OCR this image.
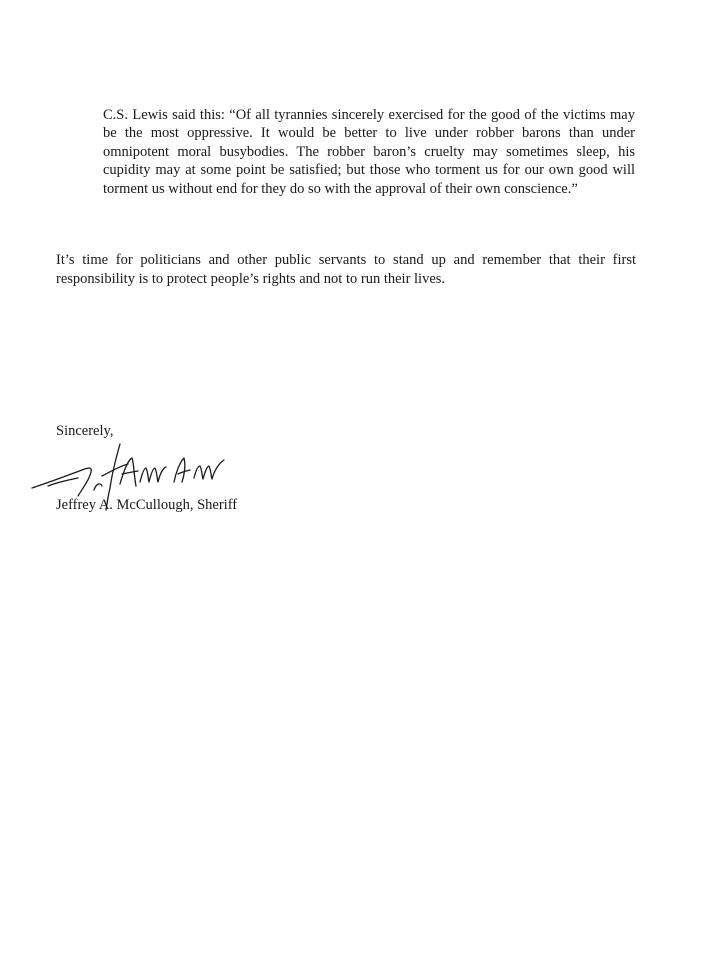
C.S. Lewis said this: “Of all tyrannies sincerely exercised for the good of the victims may be the most oppressive. It would be better to live under robber barons than under omnipotent moral busybodies. The robber baron’s cruelty may sometimes sleep, his cupidity may at some point be satisfied; but those who torment us for our own good will torment us without end for they do so with the approval of their own conscience.”

It’s time for politicians and other public servants to stand up and remember that their first responsibility is to protect people’s rights and not to run their lives.

Sincerely,

Jeffrey A. McCullough, Sheriff
